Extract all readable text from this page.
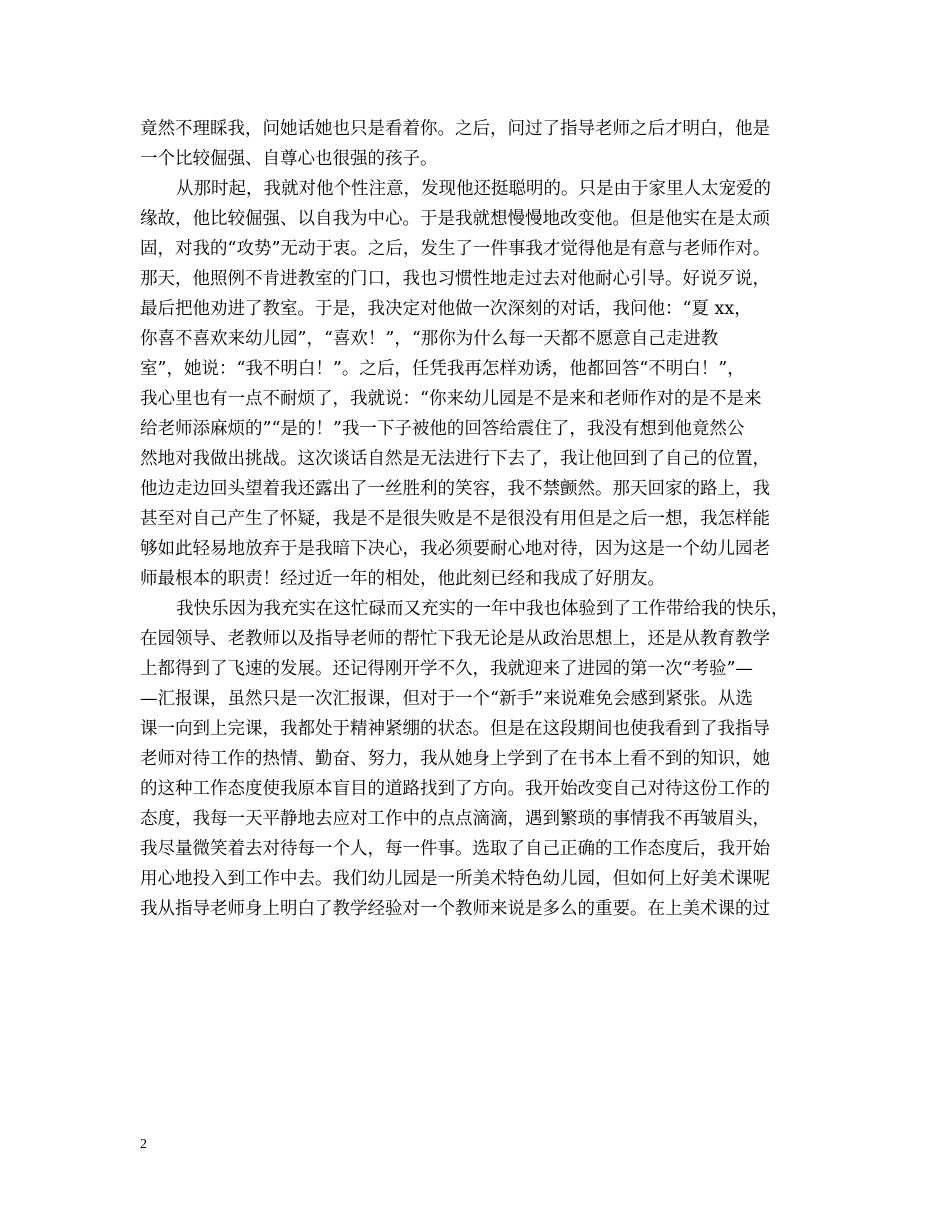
竟然不理睬我，问她话她也只是看着你。之后，问过了指导老师之后才明白，他是
一个比较倔强、自尊心也很强的孩子。
从那时起，我就对他个性注意，发现他还挺聪明的。只是由于家里人太宠爱的
缘故，他比较倔强、以自我为中心。于是我就想慢慢地改变他。但是他实在是太顽
固，对我的“攻势”无动于衷。之后，发生了一件事我才觉得他是有意与老师作对。
那天，他照例不肯进教室的门口，我也习惯性地走过去对他耐心引导。好说歹说，
最后把他劝进了教室。于是，我决定对他做一次深刻的对话，我问他：“夏 xx，
你喜不喜欢来幼儿园”，“喜欢！”，“那你为什么每一天都不愿意自己走进教
室”，她说：“我不明白！”。之后，任凭我再怎样劝诱，他都回答“不明白！”，
我心里也有一点不耐烦了，我就说：“你来幼儿园是不是来和老师作对的是不是来
给老师添麻烦的”“是的！”我一下子被他的回答给震住了，我没有想到他竟然公
然地对我做出挑战。这次谈话自然是无法进行下去了，我让他回到了自己的位置，
他边走边回头望着我还露出了一丝胜利的笑容，我不禁颤然。那天回家的路上，我
甚至对自己产生了怀疑，我是不是很失败是不是很没有用但是之后一想，我怎样能
够如此轻易地放弃于是我暗下决心，我必须要耐心地对待，因为这是一个幼儿园老
师最根本的职责！经过近一年的相处，他此刻已经和我成了好朋友。
我快乐因为我充实在这忙碌而又充实的一年中我也体验到了工作带给我的快乐，
在园领导、老教师以及指导老师的帮忙下我无论是从政治思想上，还是从教育教学
上都得到了飞速的发展。还记得刚开学不久，我就迎来了进园的第一次“考验”—
—汇报课，虽然只是一次汇报课，但对于一个“新手”来说难免会感到紧张。从选
课一向到上完课，我都处于精神紧绷的状态。但是在这段期间也使我看到了我指导
老师对待工作的热情、勤奋、努力，我从她身上学到了在书本上看不到的知识，她
的这种工作态度使我原本盲目的道路找到了方向。我开始改变自己对待这份工作的
态度，我每一天平静地去应对工作中的点点滴滴，遇到繁琐的事情我不再皱眉头，
我尽量微笑着去对待每一个人，每一件事。选取了自己正确的工作态度后，我开始
用心地投入到工作中去。我们幼儿园是一所美术特色幼儿园，但如何上好美术课呢
我从指导老师身上明白了教学经验对一个教师来说是多么的重要。在上美术课的过
2
